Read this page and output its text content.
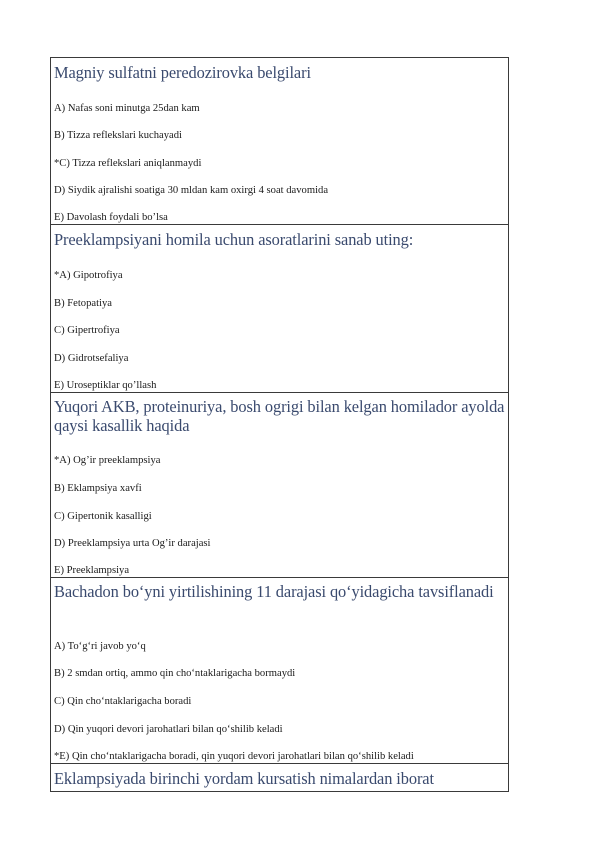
Magniy sulfatni peredozirovka belgilari

A) Nafas soni minutga 25dan kam
B) Tizza reflekslari kuchayadi
*C) Tizza reflekslari aniqlanmaydi
D) Siydik ajralishi soatiga 30 mldan kam oxirgi 4 soat davomida
E) Davolash foydali bo’lsa

Preeklampsiyani homila uchun asoratlarini sanab uting:

*A) Gipotrofiya
B) Fetopatiya
C) Gipertrofiya
D) Gidrotsefaliya
E) Uroseptiklar qo’llash

Yuqori AKB, proteinuriya, bosh ogrigi bilan kelgan homilador ayolda qaysi kasallik haqida

*A) Og’ir preeklampsiya
B) Eklampsiya xavfi
C) Gipertonik kasalligi
D) Preeklampsiya urta Og’ir darajasi
E) Preeklampsiya

Bachadon bo‘yni yirtilishining 11 darajasi qo‘yidagicha tavsiflanadi

A) To‘g‘ri javob yo‘q
B) 2 smdan ortiq, ammo qin cho‘ntaklarigacha bormaydi
C) Qin cho‘ntaklarigacha boradi
D) Qin yuqori devori jarohatlari bilan qo‘shilib keladi
*E) Qin cho‘ntaklarigacha boradi, qin yuqori devori jarohatlari bilan qo‘shilib keladi

Eklampsiyada birinchi yordam kursatish nimalardan iborat
